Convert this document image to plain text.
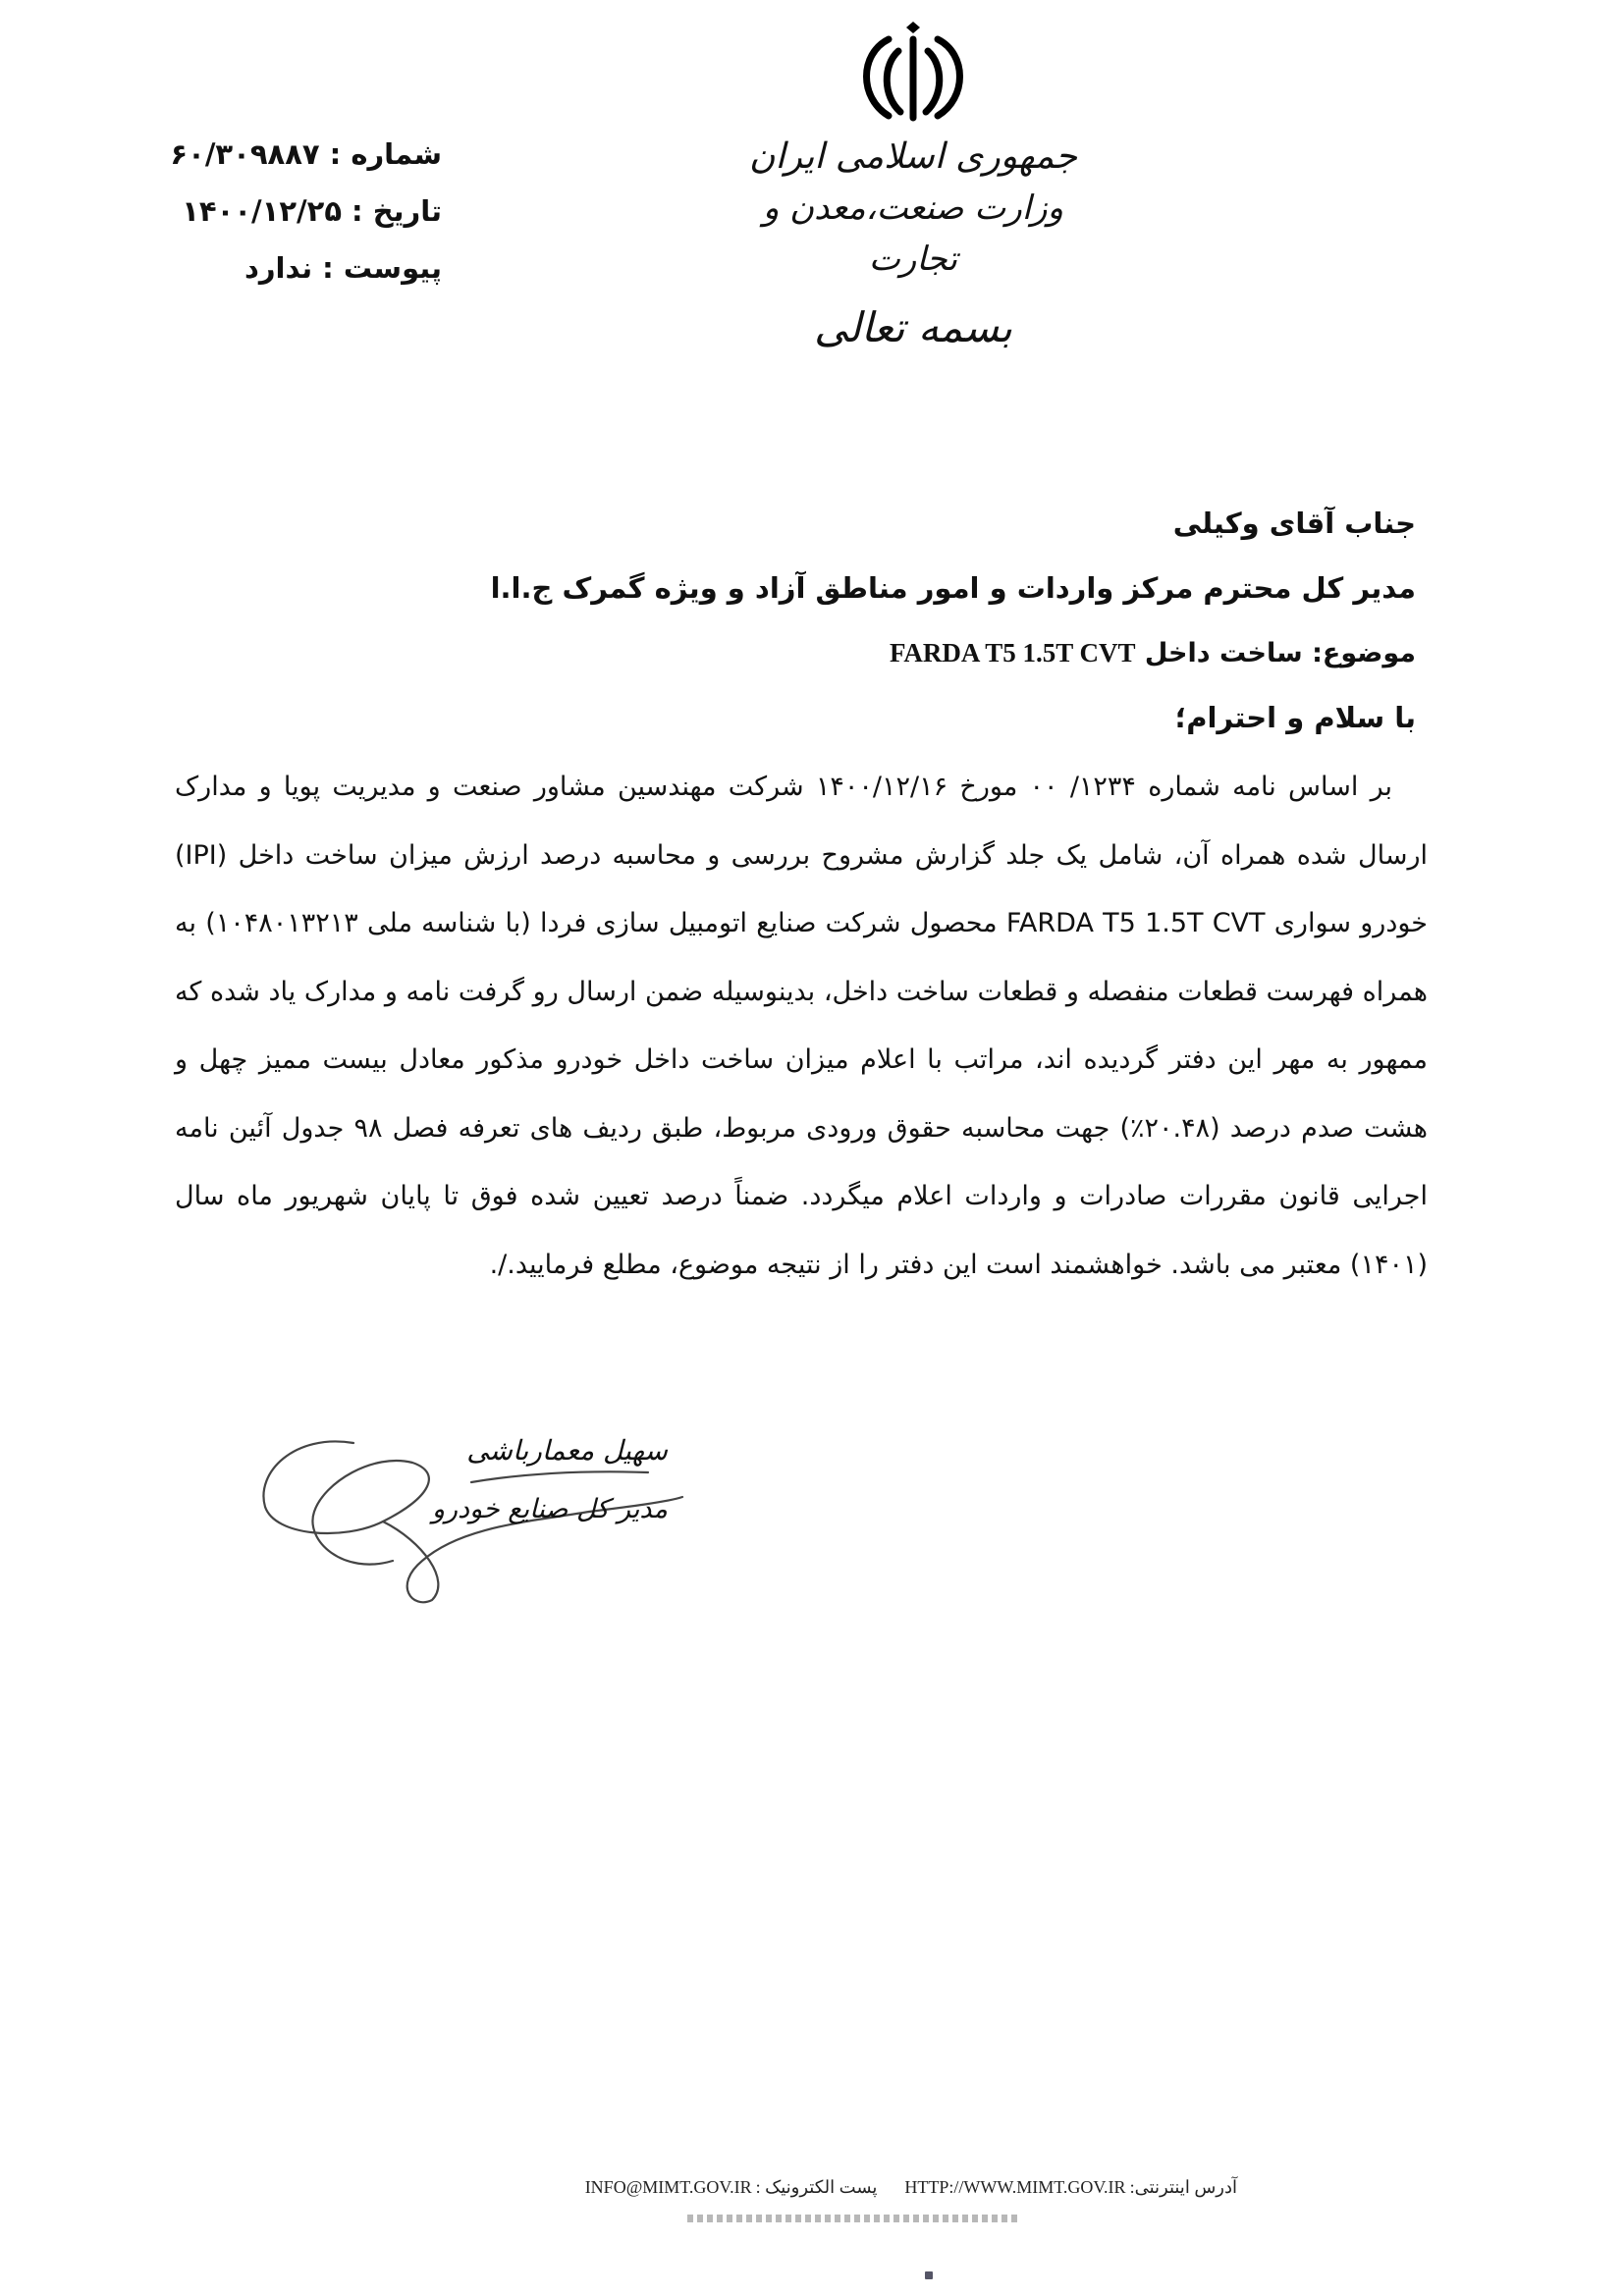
جمهوری اسلامی ایران
وزارت صنعت،معدن و تجارت
بسمه تعالی
شماره :
۶۰/۳۰۹۸۸۷
تاریخ :
۱۴۰۰/۱۲/۲۵
پیوست :
ندارد
جناب آقای وکیلی
مدیر کل محترم مرکز واردات و امور مناطق آزاد و ویژه گمرک ج.ا.ا
موضوع: ساخت داخل FARDA T5 1.5T CVT
با سلام و احترام؛

بر اساس نامه شماره ۱۲۳۴/ ۰۰ مورخ ۱۴۰۰/۱۲/۱۶ شرکت مهندسین مشاور صنعت و مدیریت پویا و مدارک ارسال شده همراه آن، شامل یک جلد گزارش مشروح بررسی و محاسبه درصد ارزش میزان ساخت داخل (IPI) خودرو سواری FARDA T5 1.5T CVT محصول شرکت صنایع اتومبیل سازی فردا (با شناسه ملی ۱۰۴۸۰۱۳۲۱۳) به همراه فهرست قطعات منفصله و قطعات ساخت داخل، بدینوسیله ضمن ارسال رو گرفت نامه و مدارک یاد شده که ممهور به مهر این دفتر گردیده اند، مراتب با اعلام میزان ساخت داخل خودرو مذکور معادل بیست ممیز چهل و هشت صدم درصد (۲۰.۴۸٪) جهت محاسبه حقوق ورودی مربوط، طبق ردیف های تعرفه فصل ۹۸ جدول آئین نامه اجرایی قانون مقررات صادرات و واردات اعلام میگردد. ضمناً درصد تعیین شده فوق تا پایان شهریور ماه سال (۱۴۰۱) معتبر می باشد. خواهشمند است این دفتر را از نتیجه موضوع، مطلع فرمایید./.

سهیل معمارباشی
مدیر کل صنایع خودرو
پست الکترونیک :
INFO@MIMT.GOV.IR	آدرس اینترنتی:
HTTP://WWW.MIMT.GOV.IR
